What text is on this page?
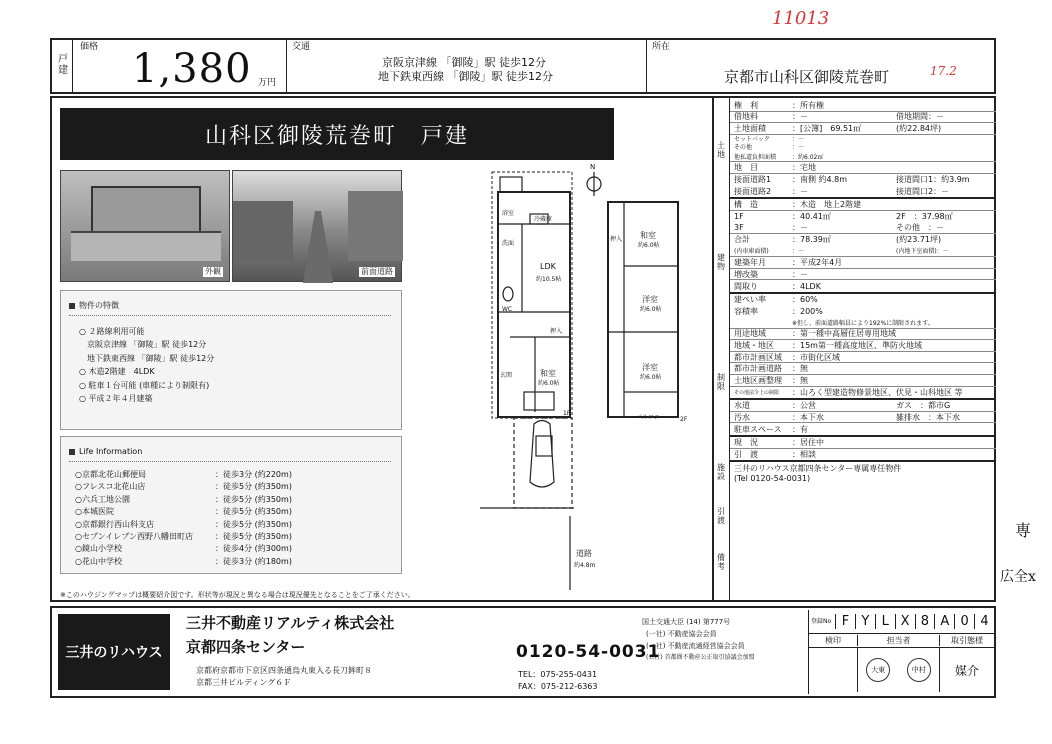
11013
17.2
専
広全x
戸建
価格 1,380 万円
交通
京阪京津線 「御陵」駅 徒歩12分
地下鉄東西線 「御陵」駅 徒歩12分
所在
京都市山科区御陵荒巻町
山科区御陵荒巻町　戸建
外観	前面道路
物件の特徴
○ ２路線利用可能
　京阪京津線 「御陵」駅 徒歩12分
　地下鉄東西線 「御陵」駅 徒歩12分
○ 木造2階建　4LDK
○ 駐車１台可能 (車種により制限有)
○ 平成２年４月建築
Life Information
○京都北花山郵便局	：徒歩3分 (約220m)
○フレスコ北花山店	：徒歩5分 (約350m)
○六兵工地公園	：徒歩5分 (約350m)
○本城医院	：徒歩5分 (約350m)
○京都銀行西山科支店	：徒歩5分 (約350m)
○セブンイレブン西野八幡田町店	：徒歩5分 (約350m)
○鏡山小学校	：徒歩4分 (約300m)
○花山中学校	：徒歩3分 (約180m)
※このハウジングマップは概要紹介図です。形状等が現況と異なる場合は現況優先となることをご了承ください。
N
浴室
冷蔵庫
洗面
LDK
約10.5帖
WC
押入
玄関	和室
約6.0帖
1F
和室
約6.0帖
押入
洋室
約6.0帖
洋室
約6.0帖
バルコニー 2F
道路
約4.8m
土地
建物
制限
施設
引渡
備考
権　利	：所有権
借地料	：－	借地期間：－
土地面積	：[公簿]　69.51㎡	(約22.84坪)
セットバック	：－
その他	：－
他私道負担面積	：約6.02㎡
地　目	：宅地
接面道路1	：南側 約4.8m	接道間口1：約3.9m
接面道路2	：－	接道間口2：－
構　造	：木造　地上2階建
1F	：40.41㎡	2F　：37.98㎡
3F	：－	その他　：－
合計	：78.39㎡	(約23.71坪)
(内車庫面積)	：－	(内地下室面積)：－
建築年月	：平成2年4月
増改築	：－
間取り	：4LDK
建ぺい率	：60%
容積率	：200%
※但し、前面道路幅員により192%に制限されます。
用途地域	：第一種中高層住居専用地域
地域・地区	：15m第一種高度地区、準防火地域
都市計画区域	：市街化区域
都市計画道路	：無
土地区画整理	：無
その他法令上の制限	：山ろく型建造物修景地区、伏見・山科地区 等
水道	：公営	ガス　：都市G
汚水	：本下水	雑排水　：本下水
駐車スペース	：有
現　況	：居住中
引　渡	：相談
三井のリハウス京都四条センター専属専任物件
(Tel 0120-54-0031)
三井のリハウス
三井不動産リアルティ株式会社
京都四条センター
京都府京都市下京区四条通烏丸東入る長刀鉾町８
京都三井ビルディング６Ｆ
0120-54-0031
TEL：075-255-0431
FAX：075-212-6363
国土交通大臣 (14) 第777号
(一社) 不動産協会会員
(一社) 不動産流通経営協会会員
(公社) 首都圏不動産公正取引協議会加盟
登録No F Y L X 8 A 0 4
検印	担当者	取引態様
大東	中村	媒介
